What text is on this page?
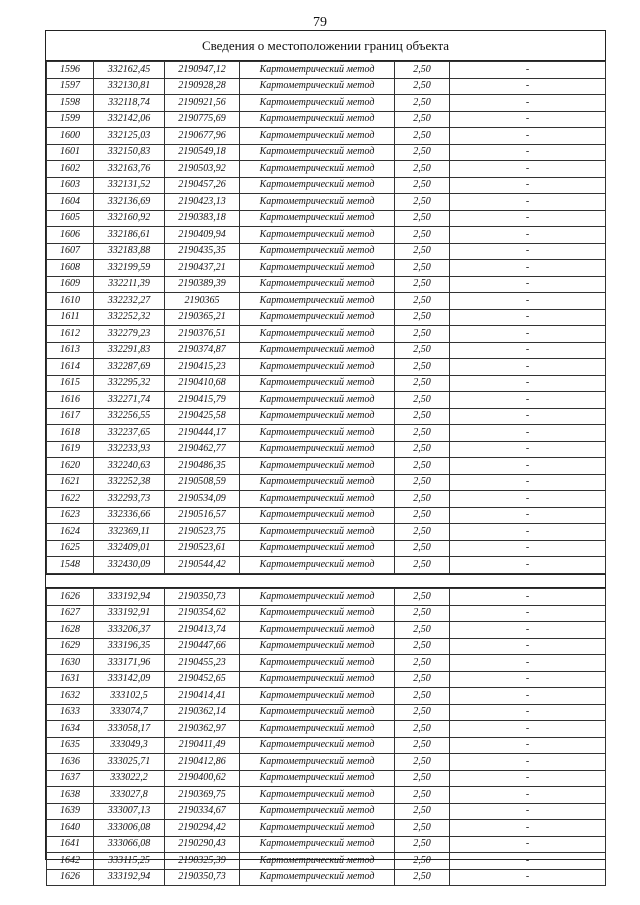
79
Сведения о местоположении границ объекта
1596	332162,45	2190947,12	Картометрический метод	2,50	-
1597	332130,81	2190928,28	Картометрический метод	2,50	-
1598	332118,74	2190921,56	Картометрический метод	2,50	-
1599	332142,06	2190775,69	Картометрический метод	2,50	-
1600	332125,03	2190677,96	Картометрический метод	2,50	-
1601	332150,83	2190549,18	Картометрический метод	2,50	-
1602	332163,76	2190503,92	Картометрический метод	2,50	-
1603	332131,52	2190457,26	Картометрический метод	2,50	-
1604	332136,69	2190423,13	Картометрический метод	2,50	-
1605	332160,92	2190383,18	Картометрический метод	2,50	-
1606	332186,61	2190409,94	Картометрический метод	2,50	-
1607	332183,88	2190435,35	Картометрический метод	2,50	-
1608	332199,59	2190437,21	Картометрический метод	2,50	-
1609	332211,39	2190389,39	Картометрический метод	2,50	-
1610	332232,27	2190365	Картометрический метод	2,50	-
1611	332252,32	2190365,21	Картометрический метод	2,50	-
1612	332279,23	2190376,51	Картометрический метод	2,50	-
1613	332291,83	2190374,87	Картометрический метод	2,50	-
1614	332287,69	2190415,23	Картометрический метод	2,50	-
1615	332295,32	2190410,68	Картометрический метод	2,50	-
1616	332271,74	2190415,79	Картометрический метод	2,50	-
1617	332256,55	2190425,58	Картометрический метод	2,50	-
1618	332237,65	2190444,17	Картометрический метод	2,50	-
1619	332233,93	2190462,77	Картометрический метод	2,50	-
1620	332240,63	2190486,35	Картометрический метод	2,50	-
1621	332252,38	2190508,59	Картометрический метод	2,50	-
1622	332293,73	2190534,09	Картометрический метод	2,50	-
1623	332336,66	2190516,57	Картометрический метод	2,50	-
1624	332369,11	2190523,75	Картометрический метод	2,50	-
1625	332409,01	2190523,61	Картометрический метод	2,50	-
1548	332430,09	2190544,42	Картометрический метод	2,50	-
1626	333192,94	2190350,73	Картометрический метод	2,50	-
1627	333192,91	2190354,62	Картометрический метод	2,50	-
1628	333206,37	2190413,74	Картометрический метод	2,50	-
1629	333196,35	2190447,66	Картометрический метод	2,50	-
1630	333171,96	2190455,23	Картометрический метод	2,50	-
1631	333142,09	2190452,65	Картометрический метод	2,50	-
1632	333102,5	2190414,41	Картометрический метод	2,50	-
1633	333074,7	2190362,14	Картометрический метод	2,50	-
1634	333058,17	2190362,97	Картометрический метод	2,50	-
1635	333049,3	2190411,49	Картометрический метод	2,50	-
1636	333025,71	2190412,86	Картометрический метод	2,50	-
1637	333022,2	2190400,62	Картометрический метод	2,50	-
1638	333027,8	2190369,75	Картометрический метод	2,50	-
1639	333007,13	2190334,67	Картометрический метод	2,50	-
1640	333006,08	2190294,42	Картометрический метод	2,50	-
1641	333066,08	2190290,43	Картометрический метод	2,50	-
1642	333115,25	2190325,39	Картометрический метод	2,50	-
1626	333192,94	2190350,73	Картометрический метод	2,50	-
